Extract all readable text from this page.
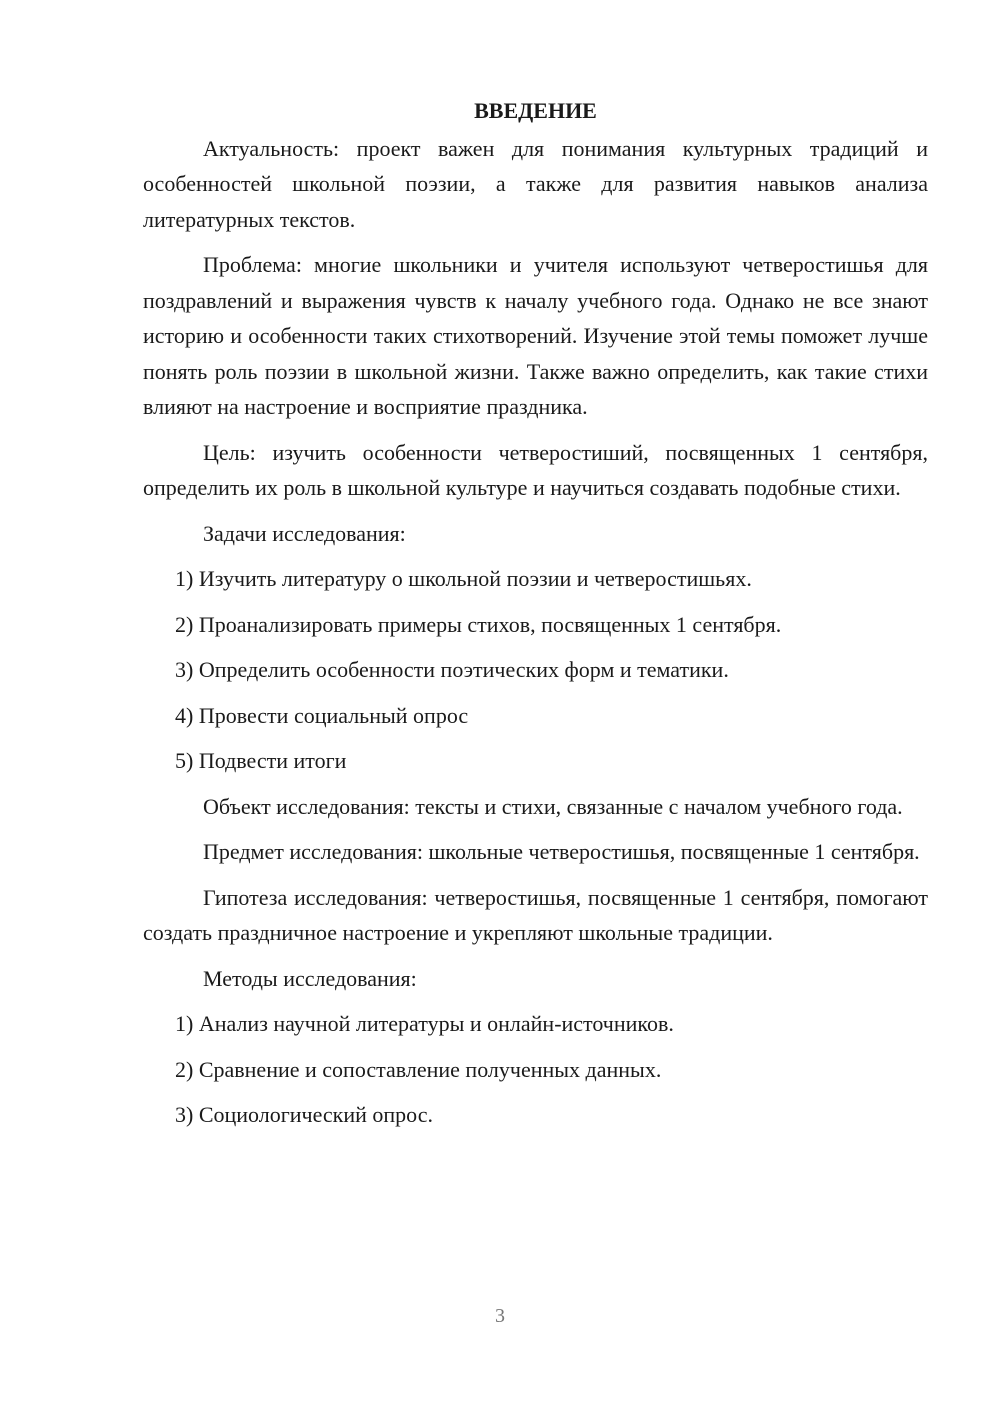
ВВЕДЕНИЕ

Актуальность: проект важен для понимания культурных традиций и особенностей школьной поэзии, а также для развития навыков анализа литературных текстов.

Проблема: многие школьники и учителя используют четверостишья для поздравлений и выражения чувств к началу учебного года. Однако не все знают историю и особенности таких стихотворений. Изучение этой темы поможет лучше понять роль поэзии в школьной жизни. Также важно определить, как такие стихи влияют на настроение и восприятие праздника.

Цель: изучить особенности четверостиший, посвященных 1 сентября, определить их роль в школьной культуре и научиться создавать подобные стихи.

Задачи исследования:

1) Изучить литературу о школьной поэзии и четверостишьях.
2) Проанализировать примеры стихов, посвященных 1 сентября.
3) Определить особенности поэтических форм и тематики.
4) Провести социальный опрос
5) Подвести итоги

Объект исследования: тексты и стихи, связанные с началом учебного года.

Предмет исследования: школьные четверостишья, посвященные 1 сентября.

Гипотеза исследования: четверостишья, посвященные 1 сентября, помогают создать праздничное настроение и укрепляют школьные традиции.

Методы исследования:

1) Анализ научной литературы и онлайн-источников.
2) Сравнение и сопоставление полученных данных.
3) Социологический опрос.
3
